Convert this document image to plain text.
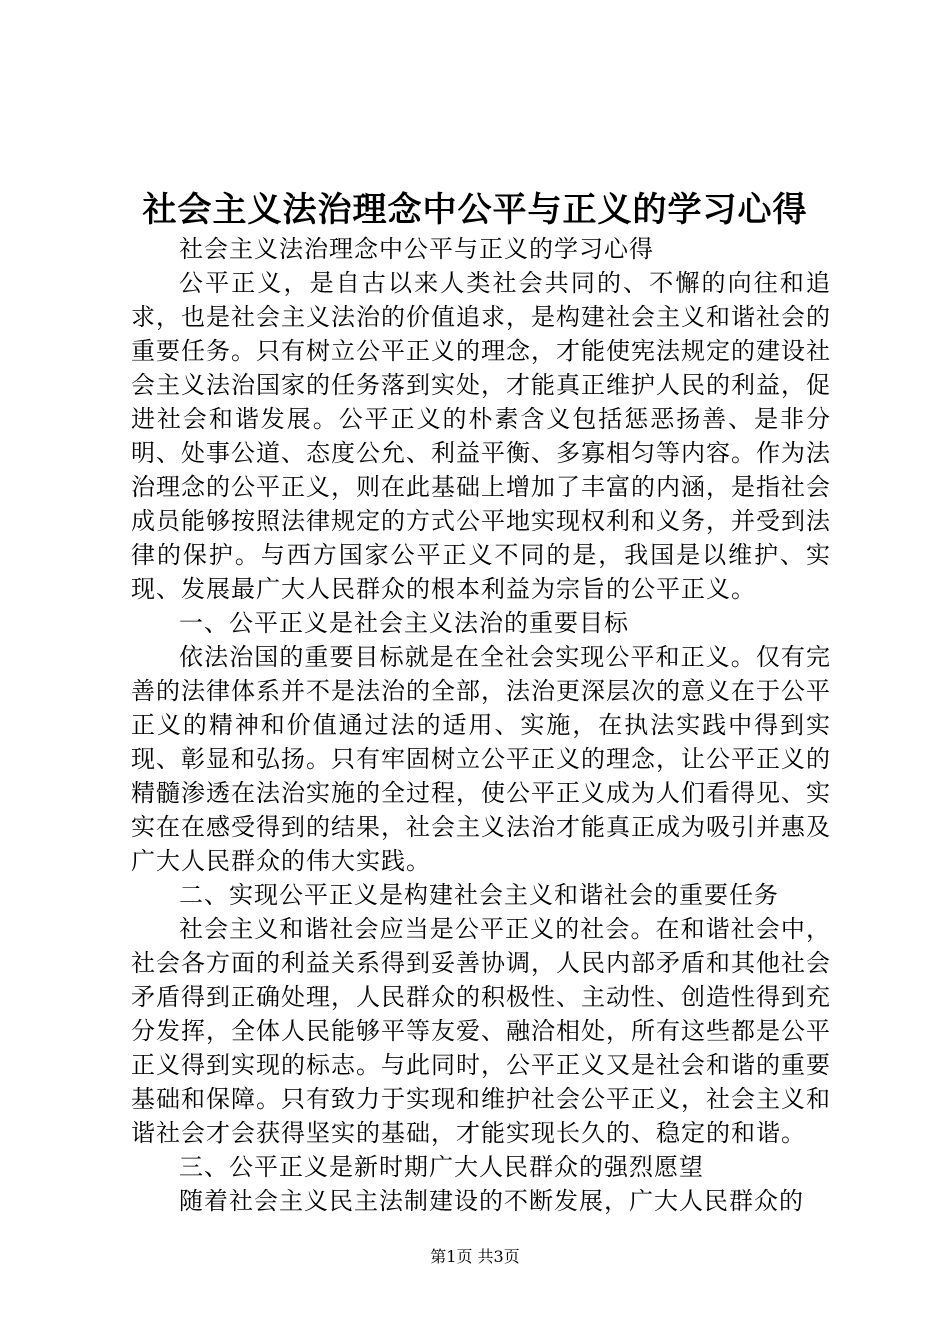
社会主义法治理念中公平与正义的学习心得

社会主义法治理念中公平与正义的学习心得

公平正义，是自古以来人类社会共同的、不懈的向往和追求，也是社会主义法治的价值追求，是构建社会主义和谐社会的重要任务。只有树立公平正义的理念，才能使宪法规定的建设社会主义法治国家的任务落到实处，才能真正维护人民的利益，促进社会和谐发展。公平正义的朴素含义包括惩恶扬善、是非分明、处事公道、态度公允、利益平衡、多寡相匀等内容。作为法治理念的公平正义，则在此基础上增加了丰富的内涵，是指社会成员能够按照法律规定的方式公平地实现权利和义务，并受到法律的保护。与西方国家公平正义不同的是，我国是以维护、实现、发展最广大人民群众的根本利益为宗旨的公平正义。

一、公平正义是社会主义法治的重要目标

依法治国的重要目标就是在全社会实现公平和正义。仅有完善的法律体系并不是法治的全部，法治更深层次的意义在于公平正义的精神和价值通过法的适用、实施，在执法实践中得到实现、彰显和弘扬。只有牢固树立公平正义的理念，让公平正义的精髓渗透在法治实施的全过程，使公平正义成为人们看得见、实实在在感受得到的结果，社会主义法治才能真正成为吸引并惠及广大人民群众的伟大实践。

二、实现公平正义是构建社会主义和谐社会的重要任务

社会主义和谐社会应当是公平正义的社会。在和谐社会中，社会各方面的利益关系得到妥善协调，人民内部矛盾和其他社会矛盾得到正确处理，人民群众的积极性、主动性、创造性得到充分发挥，全体人民能够平等友爱、融洽相处，所有这些都是公平正义得到实现的标志。与此同时，公平正义又是社会和谐的重要基础和保障。只有致力于实现和维护社会公平正义，社会主义和谐社会才会获得坚实的基础，才能实现长久的、稳定的和谐。

三、公平正义是新时期广大人民群众的强烈愿望

随着社会主义民主法制建设的不断发展，广大人民群众的

第1页 共3页
